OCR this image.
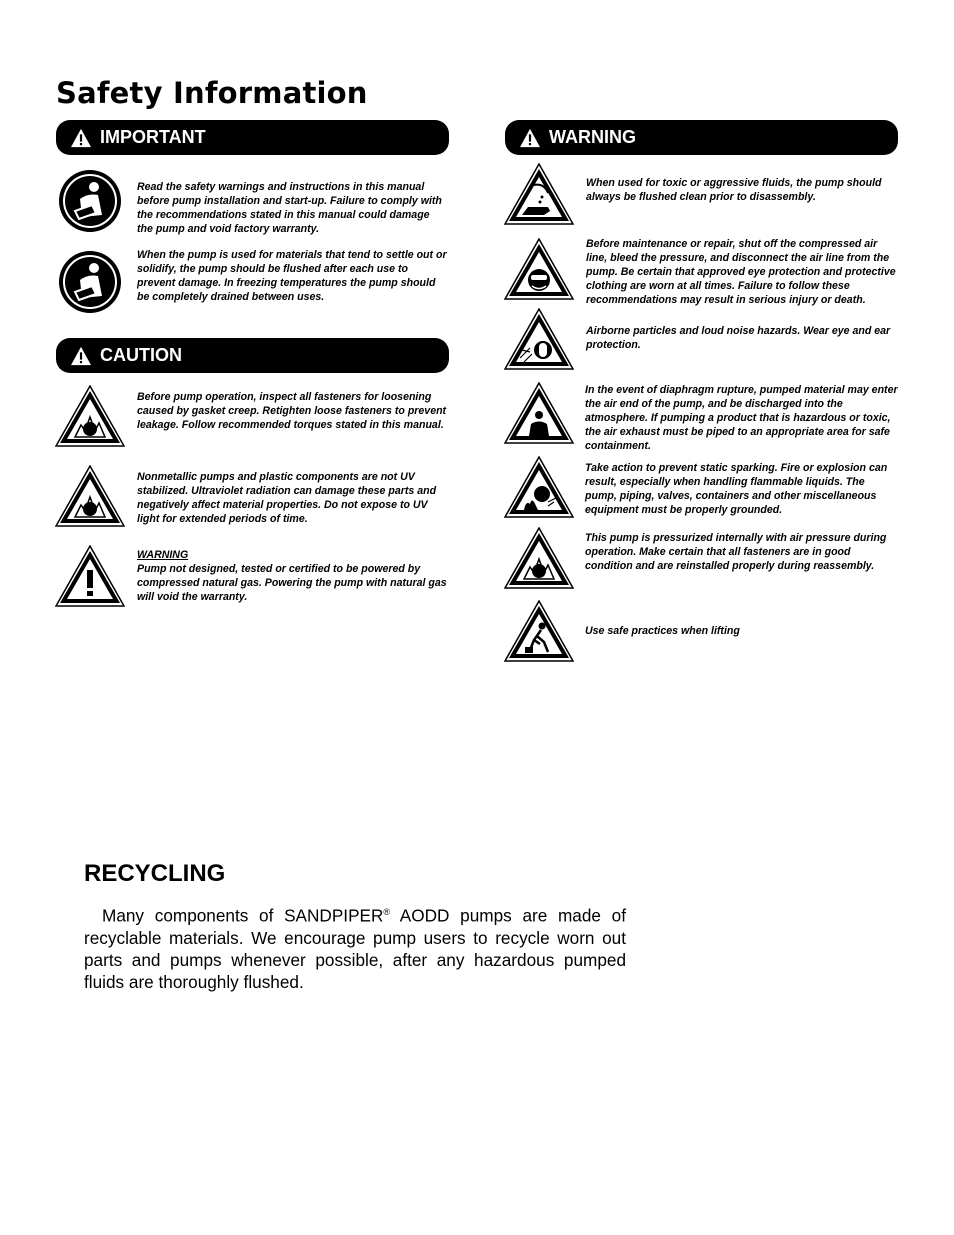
Safety Information
IMPORTANT
Read the safety warnings and instructions in this manual before pump installation and start-up. Failure to comply with the recommendations stated in this manual could damage the pump and void factory warranty.
When the pump is used for materials that tend to settle out or solidify, the pump should be flushed after each use to prevent damage. In freezing temperatures the pump should be completely drained between uses.
CAUTION
Before pump operation, inspect all fasteners for loosening caused by gasket creep. Retighten loose fasteners to prevent leakage. Follow recommended torques stated in this manual.
Nonmetallic pumps and plastic components are not UV stabilized. Ultraviolet radiation can damage these parts and negatively affect material properties. Do not expose to UV light for extended periods of time.
WARNING
Pump not designed, tested or certified to be powered by compressed natural gas. Powering the pump with natural gas will void the warranty.
WARNING
When used for toxic or aggressive fluids, the pump should always be flushed clean prior to disassembly.
Before maintenance or repair, shut off the compressed air line, bleed the pressure, and disconnect the air line from the pump. Be certain that approved eye protection and protective clothing are worn at all times. Failure to follow these recommendations may result in serious injury or death.
Airborne particles and loud noise hazards. Wear eye and ear protection.
In the event of diaphragm rupture, pumped material may enter the air end of the pump, and be discharged into the atmosphere. If pumping a product that is hazardous or toxic, the air exhaust must be piped to an appropriate area for safe containment.
Take action to prevent static sparking. Fire or explosion can result, especially when handling flammable liquids. The pump, piping, valves, containers and other miscellaneous equipment must be properly grounded.
This pump is pressurized internally with air pressure during operation. Make certain that all fasteners are in good condition and are reinstalled properly during reassembly.
Use safe practices when lifting
RECYCLING
Many components of SANDPIPER® AODD pumps are made of recyclable materials. We encourage pump users to recycle worn out parts and pumps whenever possible, after any hazardous pumped fluids are thoroughly flushed.
